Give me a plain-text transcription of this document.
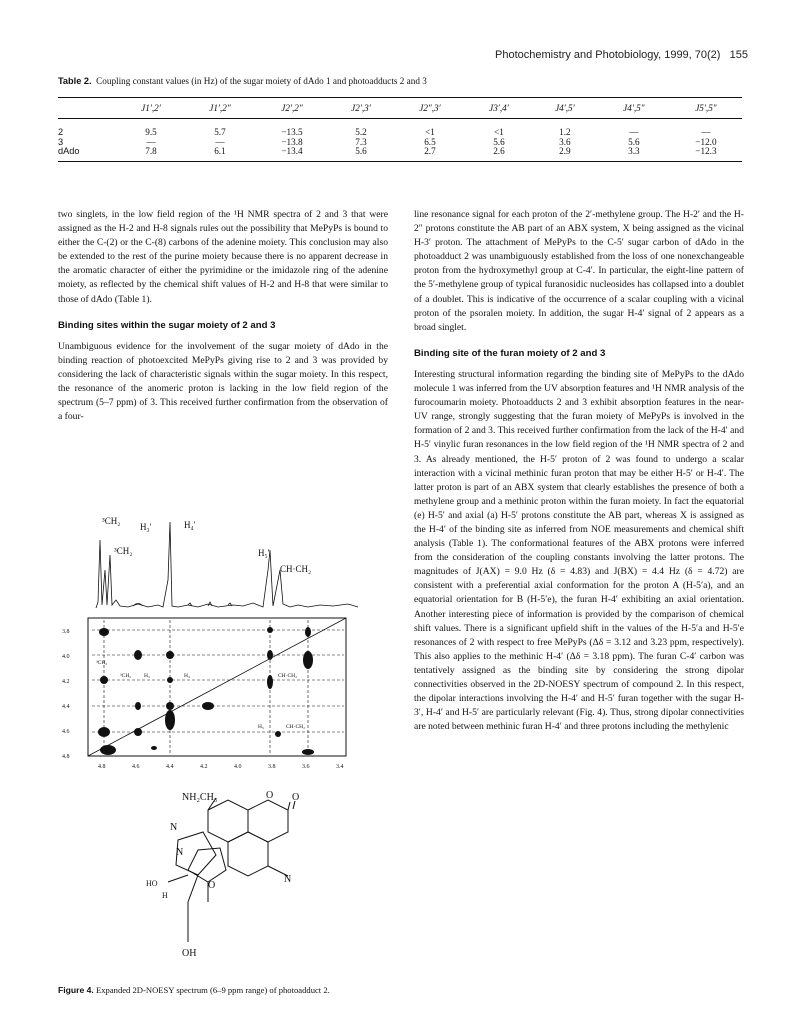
Photochemistry and Photobiology, 1999, 70(2) 155
Table 2. Coupling constant values (in Hz) of the sugar moiety of dAdo 1 and photoadducts 2 and 3
	J1′,2′	J1′,2″	J2′,2″	J2′,3′	J2″,3′	J3′,4′	J4′,5′	J4′,5″	J5′,5″

2	9.5	5.7	−13.5	5.2	<1	<1	1.2	—	—
3	—	—	−13.8	7.3	6.5	5.6	3.6	5.6	−12.0
dAdo	7.8	6.1	−13.4	5.6	2.7	2.6	2.9	3.3	−12.3

two singlets, in the low field region of the ¹H NMR spectra of 2 and 3 that were assigned as the H-2 and H-8 signals rules out the possibility that MePyPs is bound to either the C-(2) or the C-(8) carbons of the adenine moiety. This conclusion may also be extended to the rest of the purine moiety because there is no apparent decrease in the aromatic character of either the pyrimidine or the imidazole ring of the adenine moiety, as reflected by the chemical shift values of H-2 and H-8 that were similar to those of dAdo (Table 1).

Binding sites within the sugar moiety of 2 and 3

Unambiguous evidence for the involvement of the sugar moiety of dAdo in the binding reaction of photoexcited MePyPs giving rise to 2 and 3 was provided by considering the lack of characteristic signals within the sugar moiety. In this respect, the resonance of the anomeric proton is lacking in the low field region of the spectrum (5–7 ppm) of 3. This received further confirmation from the observation of a four-

line resonance signal for each proton of the 2′-methylene group. The H-2′ and the H-2″ protons constitute the AB part of an ABX system, X being assigned as the vicinal H-3′ proton. The attachment of MePyPs to the C-5′ sugar carbon of dAdo in the photoadduct 2 was unambiguously established from the loss of one nonexchangeable proton from the hydroxymethyl group at C-4′. In particular, the eight-line pattern of the 5′-methylene group of typical furanosidic nucleosides has collapsed into a doublet of a doublet. This is indicative of the occurrence of a scalar coupling with a vicinal proton of the psoralen moiety. In addition, the sugar H-4′ signal of 2 appears as a broad singlet.

Binding site of the furan moiety of 2 and 3

Interesting structural information regarding the binding site of MePyPs to the dAdo molecule 1 was inferred from the UV absorption features and ¹H NMR analysis of the furocoumarin moiety. Photoadducts 2 and 3 exhibit absorption features in the near-UV range, strongly suggesting that the furan moiety of MePyPs is involved in the formation of 2 and 3. This received further confirmation from the lack of the H-4′ and H-5′ vinylic furan resonances in the low field region of the ¹H NMR spectra of 2 and 3. As already mentioned, the H-5′ proton of 2 was found to undergo a scalar interaction with a vicinal methinic furan proton that may be either H-5′ or H-4′. The latter proton is part of an ABX system that clearly establishes the presence of both a methylene group and a methinic proton within the furan moiety. In fact the equatorial (e) H-5′ and axial (a) H-5′ protons constitute the AB part, whereas X is assigned as the H-4′ of the binding site as inferred from NOE measurements and chemical shift analysis (Table 1). The conformational features of the ABX protons were inferred from the consideration of the coupling constants involving the latter protons. The magnitudes of J(AX) = 9.0 Hz (δ = 4.83) and J(BX) = 4.4 Hz (δ = 4.72) are consistent with a preferential axial conformation for the proton A (H-5′a), and an equatorial orientation for B (H-5′e), the furan H-4′ exhibiting an axial orientation. Another interesting piece of information is provided by the comparison of chemical shift values. There is a significant upfield shift in the values of the H-5′a and H-5′e resonances of 2 with respect to free MePyPs (Δδ = 3.12 and 3.23 ppm, respectively). This also applies to the methinic H-4′ (Δδ = 3.18 ppm). The furan C-4′ carbon was tentatively assigned as the binding site by considering the strong dipolar connectivities observed in the 2D-NOESY spectrum of compound 2. In this respect, the dipolar interactions involving the H-4′ and H-5′ furan together with the sugar H-3′, H-4′ and H-5′ are particularly relevant (Fig. 4). Thus, strong dipolar connectivities are noted between methinic furan H-4′ and three protons including the methylenic

³CH₂
H₃′	H₄′
³CH₂	H₅′
CH·CH₂
³CH₂
³CH₂ H₃	H₄	CH·CH₂
H₅	CH·CH₂
3.8
4.0
4.2
4.4
4.6
4.8
4.8	4.6	4.4	4.2	4.0	3.8	3.6	3.4
NH₂CH₃	O O
N
N
N
HO
H
O
OH
Figure 4. Expanded 2D-NOESY spectrum (6–9 ppm range) of photoadduct 2.
